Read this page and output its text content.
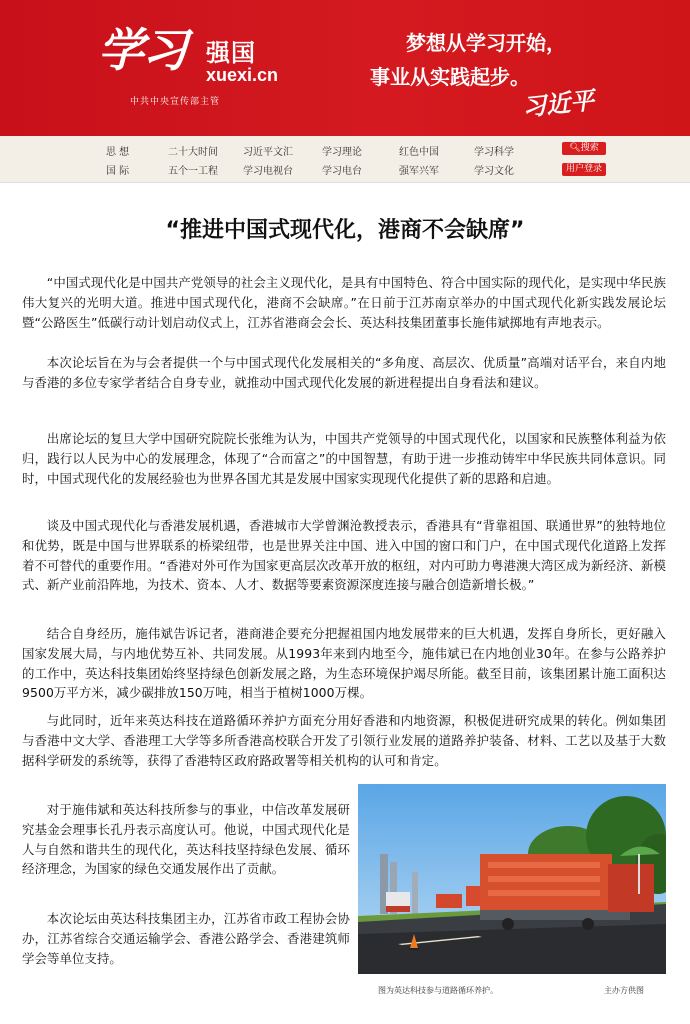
学习 强国
xuexi.cn
中共中央宣传部主管
梦想从学习开始，
事业从实践起步。
习近平
思 想	二十大时间	习近平文汇	学习理论	红色中国	学习科学
国 际	五个一工程	学习电视台	学习电台	强军兴军	学习文化
🔍︎搜索
用户登录
“推进中国式现代化，港商不会缺席”

“中国式现代化是中国共产党领导的社会主义现代化，是具有中国特色、符合中国实际的现代化，是实现中华民族伟大复兴的光明大道。推进中国式现代化，港商不会缺席。”在日前于江苏南京举办的中国式现代化新实践发展论坛暨“公路医生”低碳行动计划启动仪式上，江苏省港商会会长、英达科技集团董事长施伟斌掷地有声地表示。

本次论坛旨在为与会者提供一个与中国式现代化发展相关的“多角度、高层次、优质量”高端对话平台，来自内地与香港的多位专家学者结合自身专业，就推动中国式现代化发展的新进程提出自身看法和建议。

出席论坛的复旦大学中国研究院院长张维为认为，中国共产党领导的中国式现代化，以国家和民族整体利益为依归，践行以人民为中心的发展理念，体现了“合而富之”的中国智慧，有助于进一步推动铸牢中华民族共同体意识。同时，中国式现代化的发展经验也为世界各国尤其是发展中国家实现现代化提供了新的思路和启迪。

谈及中国式现代化与香港发展机遇，香港城市大学曾渊沧教授表示，香港具有“背靠祖国、联通世界”的独特地位和优势，既是中国与世界联系的桥梁纽带，也是世界关注中国、进入中国的窗口和门户，在中国式现代化道路上发挥着不可替代的重要作用。“香港对外可作为国家更高层次改革开放的枢纽，对内可助力粤港澳大湾区成为新经济、新模式、新产业前沿阵地，为技术、资本、人才、数据等要素资源深度连接与融合创造新增长极。”

结合自身经历，施伟斌告诉记者，港商港企要充分把握祖国内地发展带来的巨大机遇，发挥自身所长，更好融入国家发展大局，与内地优势互补、共同发展。从1993年来到内地至今，施伟斌已在内地创业30年。在参与公路养护的工作中，英达科技集团始终坚持绿色创新发展之路，为生态环境保护竭尽所能。截至目前，该集团累计施工面积达9500万平方米，减少碳排放150万吨，相当于植树1000万棵。

与此同时，近年来英达科技在道路循环养护方面充分用好香港和内地资源，积极促进研究成果的转化。例如集团与香港中文大学、香港理工大学等多所香港高校联合开发了引领行业发展的道路养护装备、材料、工艺以及基于大数据科学研发的系统等，获得了香港特区政府路政署等相关机构的认可和肯定。

对于施伟斌和英达科技所参与的事业，中信改革发展研究基金会理事长孔丹表示高度认可。他说，中国式现代化是人与自然和谐共生的现代化，英达科技坚持绿色发展、循环经济理念，为国家的绿色交通发展作出了贡献。

本次论坛由英达科技集团主办，江苏省市政工程协会协办，江苏省综合交通运输学会、香港公路学会、香港建筑师学会等单位支持。

图为英达科技参与道路循环养护。	主办方供图
